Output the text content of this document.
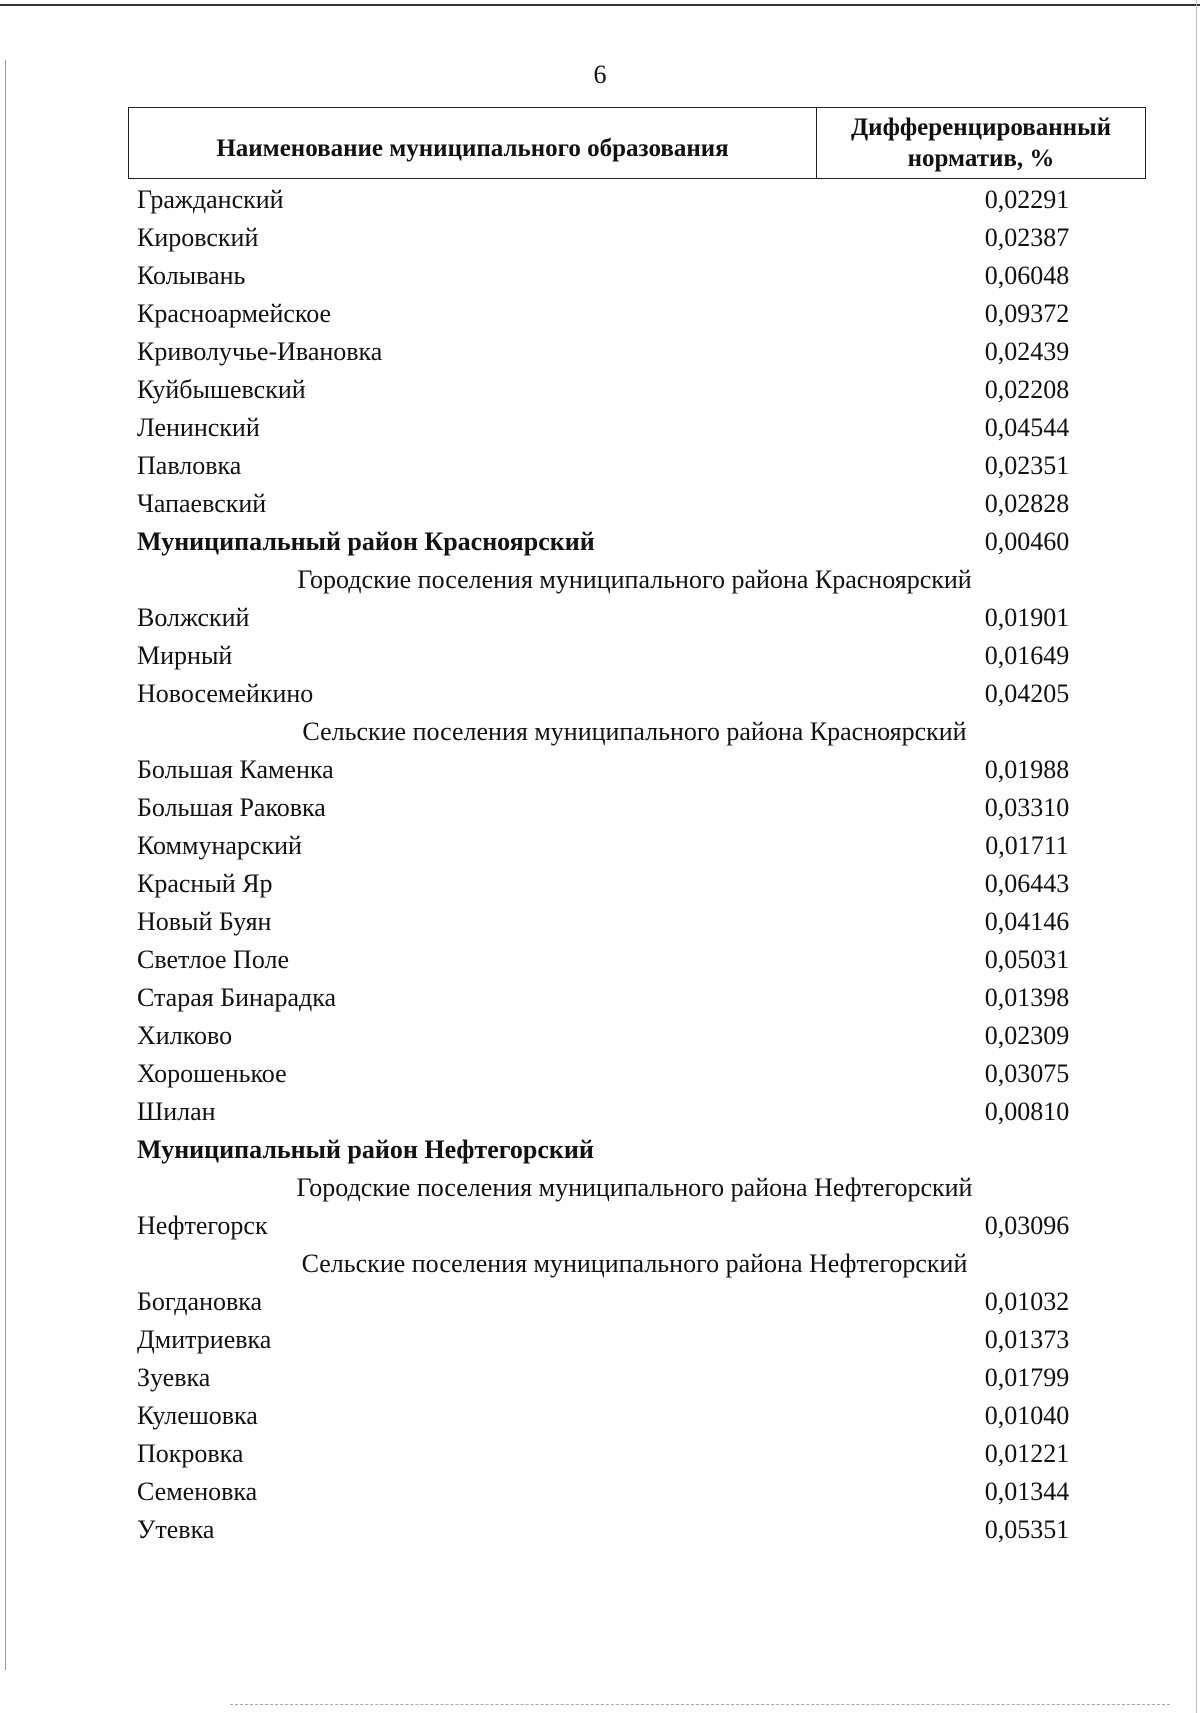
6
Наименование муниципального образования
Дифференцированный
норматив, %
Гражданский	0,02291
Кировский	0,02387
Колывань	0,06048
Красноармейское	0,09372
Криволучье-Ивановка	0,02439
Куйбышевский	0,02208
Ленинский	0,04544
Павловка	0,02351
Чапаевский	0,02828
Муниципальный район Красноярский	0,00460
Городские поселения муниципального района Красноярский
Волжский	0,01901
Мирный	0,01649
Новосемейкино	0,04205
Сельские поселения муниципального района Красноярский
Большая Каменка	0,01988
Большая Раковка	0,03310
Коммунарский	0,01711
Красный Яр	0,06443
Новый Буян	0,04146
Светлое Поле	0,05031
Старая Бинарадка	0,01398
Хилково	0,02309
Хорошенькое	0,03075
Шилан	0,00810
Муниципальный район Нефтегорский
Городские поселения муниципального района Нефтегорский
Нефтегорск	0,03096
Сельские поселения муниципального района Нефтегорский
Богдановка	0,01032
Дмитриевка	0,01373
Зуевка	0,01799
Кулешовка	0,01040
Покровка	0,01221
Семеновка	0,01344
Утевка	0,05351
